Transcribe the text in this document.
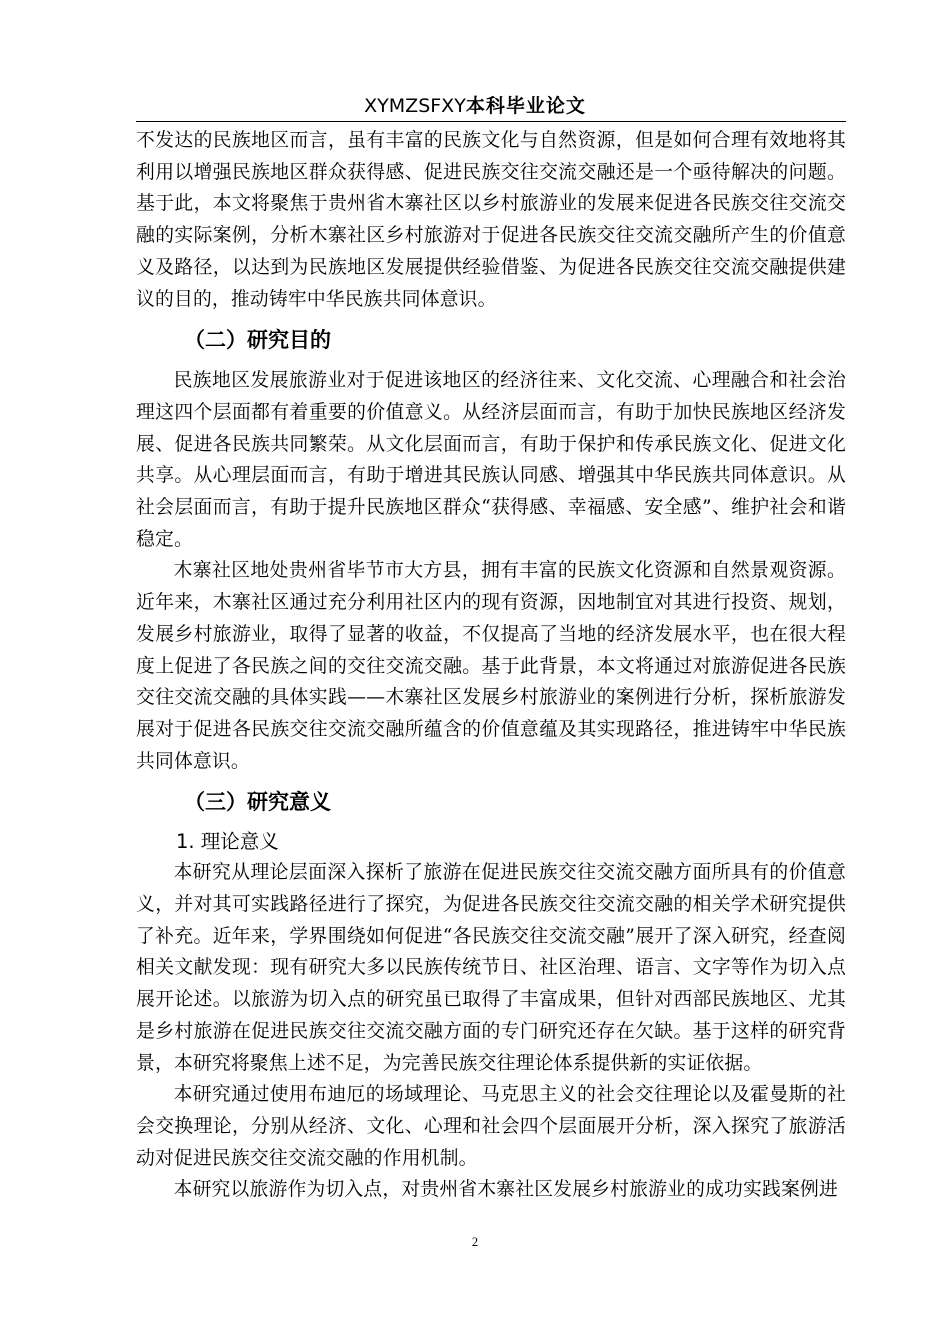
XYMZSFXY本科毕业论文

不发达的民族地区而言，虽有丰富的民族文化与自然资源，但是如何合理有效地将其利用以增强民族地区群众获得感、促进民族交往交流交融还是一个亟待解决的问题。基于此，本文将聚焦于贵州省木寨社区以乡村旅游业的发展来促进各民族交往交流交融的实际案例，分析木寨社区乡村旅游对于促进各民族交往交流交融所产生的价值意义及路径，以达到为民族地区发展提供经验借鉴、为促进各民族交往交流交融提供建议的目的，推动铸牢中华民族共同体意识。

（二）研究目的

民族地区发展旅游业对于促进该地区的经济往来、文化交流、心理融合和社会治理这四个层面都有着重要的价值意义。从经济层面而言，有助于加快民族地区经济发展、促进各民族共同繁荣。从文化层面而言，有助于保护和传承民族文化、促进文化共享。从心理层面而言，有助于增进其民族认同感、增强其中华民族共同体意识。从社会层面而言，有助于提升民族地区群众“获得感、幸福感、安全感”、维护社会和谐稳定。

木寨社区地处贵州省毕节市大方县，拥有丰富的民族文化资源和自然景观资源。近年来，木寨社区通过充分利用社区内的现有资源，因地制宜对其进行投资、规划，发展乡村旅游业，取得了显著的收益，不仅提高了当地的经济发展水平，也在很大程度上促进了各民族之间的交往交流交融。基于此背景，本文将通过对旅游促进各民族交往交流交融的具体实践——木寨社区发展乡村旅游业的案例进行分析，探析旅游发展对于促进各民族交往交流交融所蕴含的价值意蕴及其实现路径，推进铸牢中华民族共同体意识。

（三）研究意义
1. 理论意义

本研究从理论层面深入探析了旅游在促进民族交往交流交融方面所具有的价值意义，并对其可实践路径进行了探究，为促进各民族交往交流交融的相关学术研究提供了补充。近年来，学界围绕如何促进“各民族交往交流交融”展开了深入研究，经查阅相关文献发现：现有研究大多以民族传统节日、社区治理、语言、文字等作为切入点展开论述。以旅游为切入点的研究虽已取得了丰富成果，但针对西部民族地区、尤其是乡村旅游在促进民族交往交流交融方面的专门研究还存在欠缺。基于这样的研究背景，本研究将聚焦上述不足，为完善民族交往理论体系提供新的实证依据。

本研究通过使用布迪厄的场域理论、马克思主义的社会交往理论以及霍曼斯的社会交换理论，分别从经济、文化、心理和社会四个层面展开分析，深入探究了旅游活动对促进民族交往交流交融的作用机制。

本研究以旅游作为切入点，对贵州省木寨社区发展乡村旅游业的成功实践案例进

2
